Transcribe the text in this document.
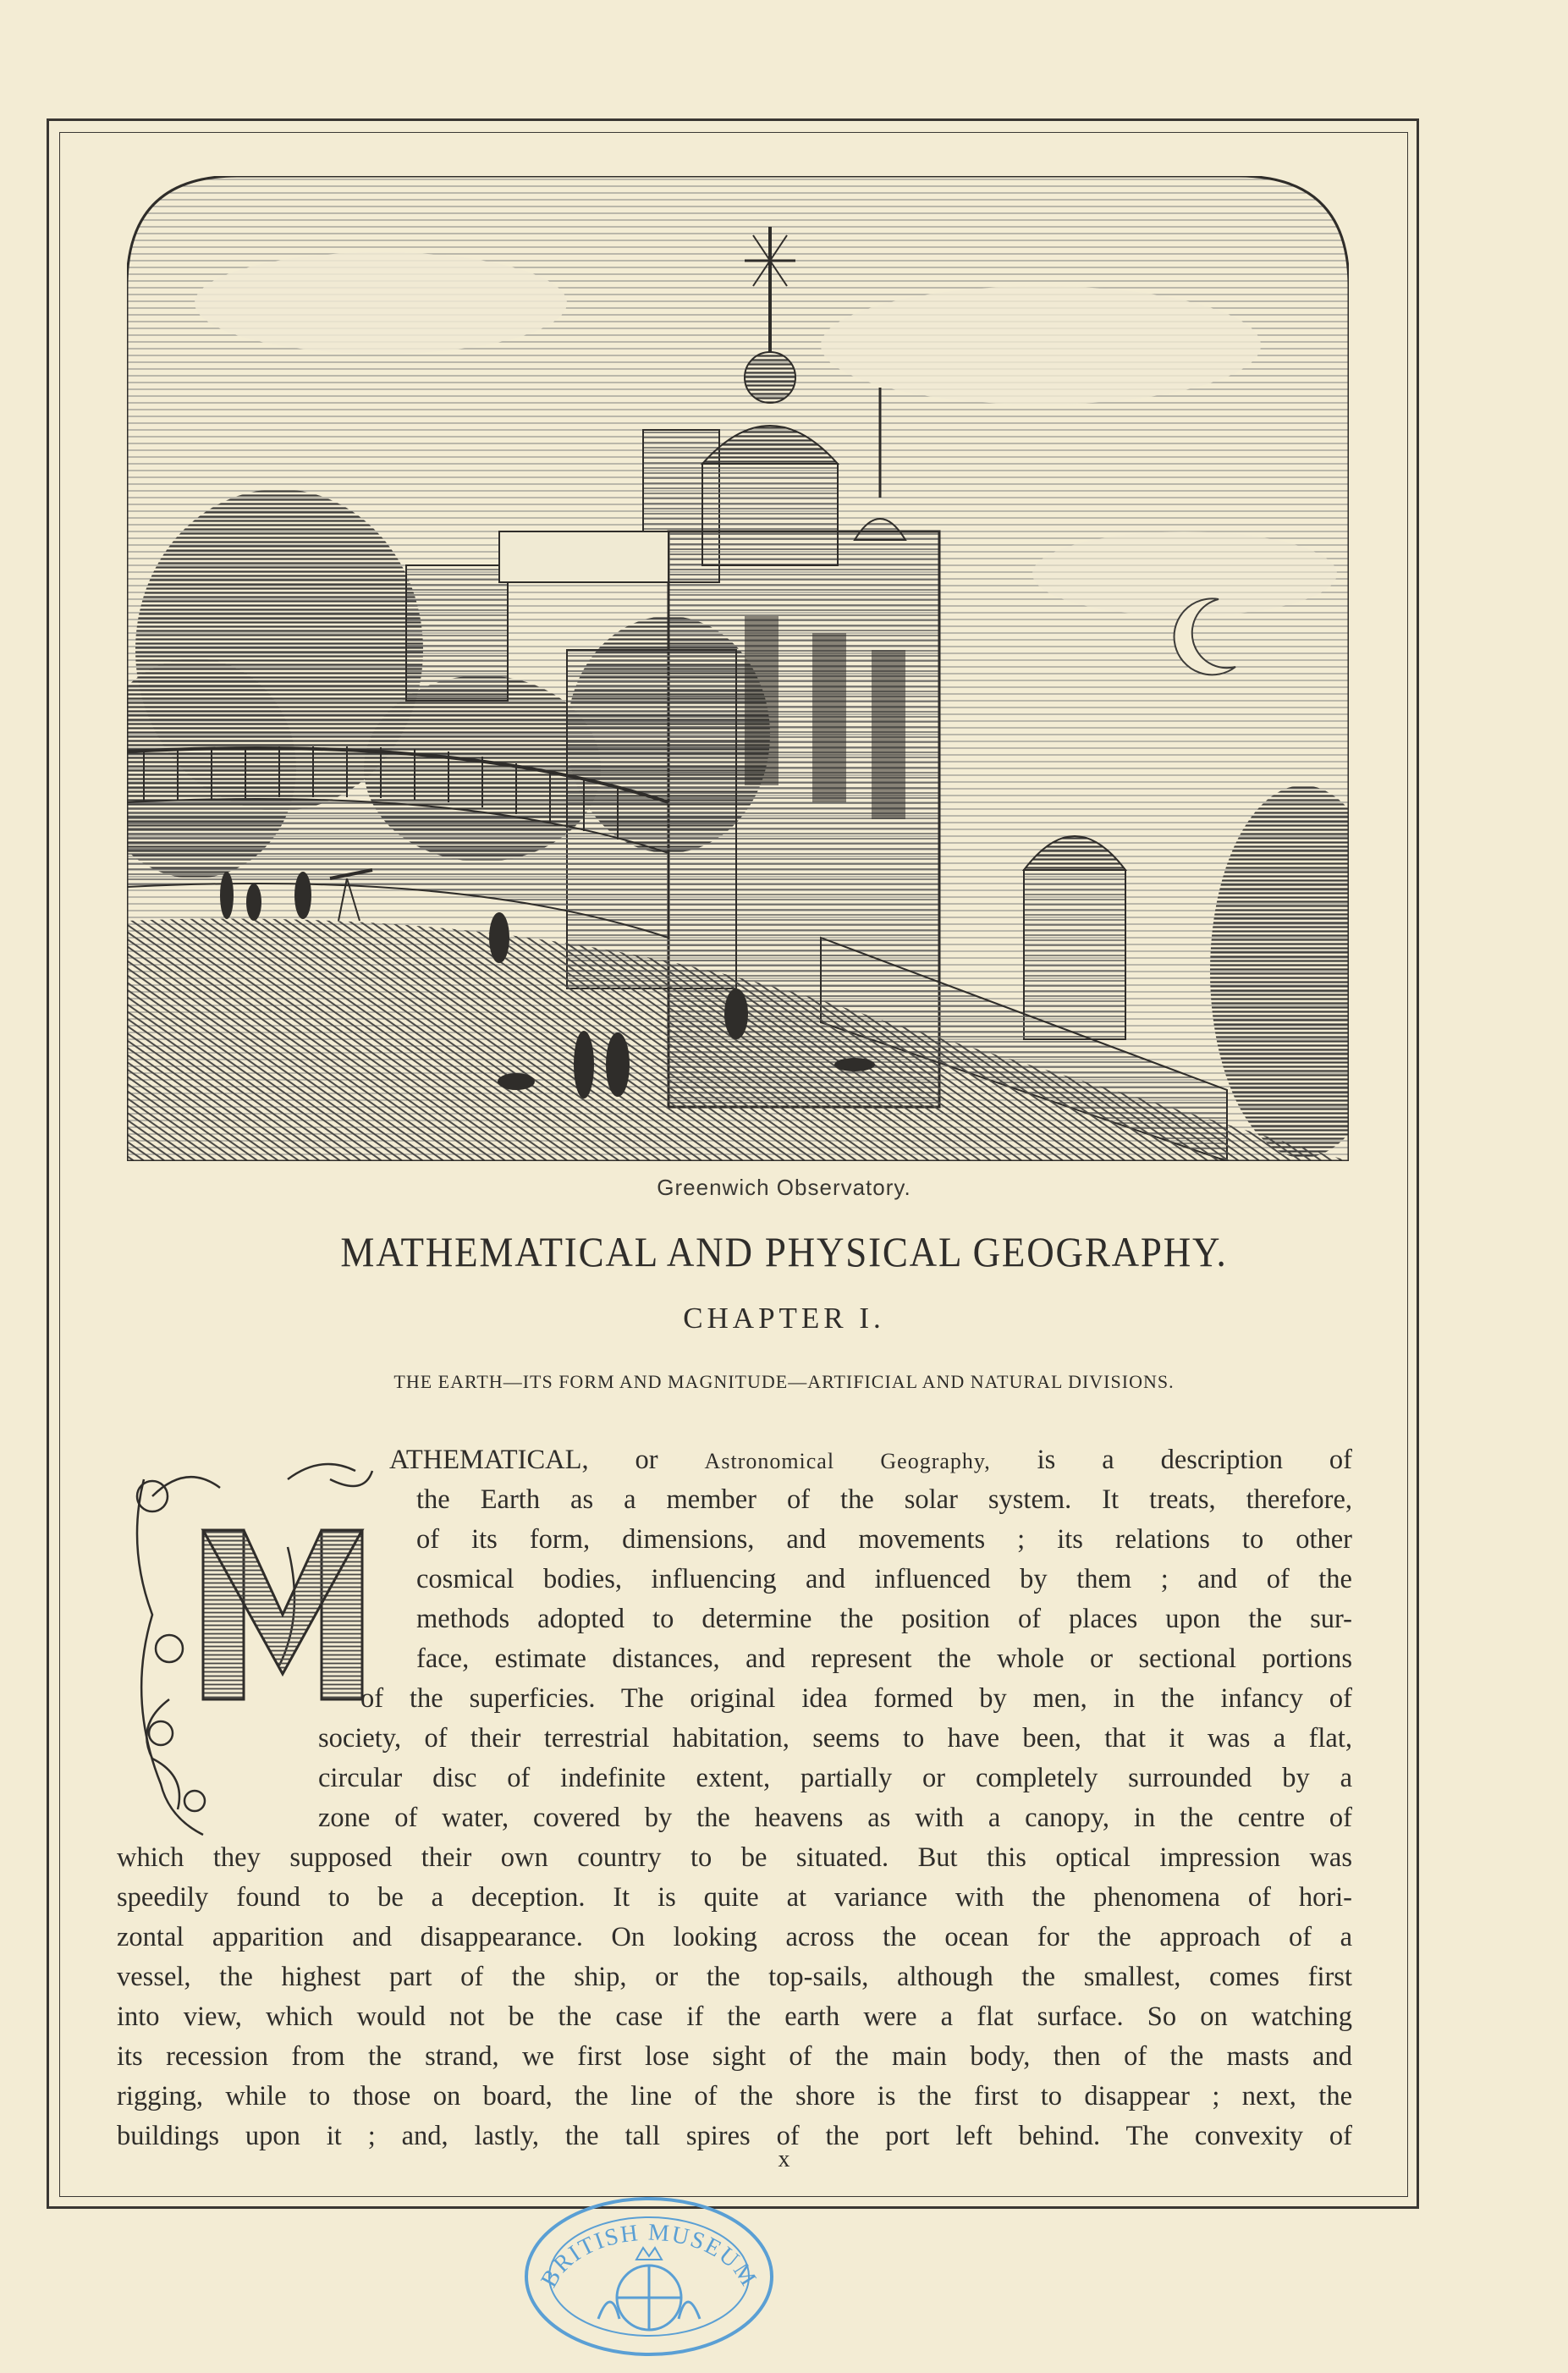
Greenwich Observatory.
MATHEMATICAL AND PHYSICAL GEOGRAPHY.
CHAPTER I.
THE EARTH—ITS FORM AND MAGNITUDE—ARTIFICIAL AND NATURAL DIVISIONS.
M
ATHEMATICAL, or Astronomical Geography, is a description of
the Earth as a member of the solar system. It treats, therefore,
of its form, dimensions, and movements ; its relations to other
cosmical bodies, influencing and influenced by them ; and of the
methods adopted to determine the position of places upon the sur-
face, estimate distances, and represent the whole or sectional portions
of the superficies. The original idea formed by men, in the infancy of
society, of their terrestrial habitation, seems to have been, that it was a flat,
circular disc of indefinite extent, partially or completely surrounded by a
zone of water, covered by the heavens as with a canopy, in the centre of
which they supposed their own country to be situated. But this optical impression was
speedily found to be a deception. It is quite at variance with the phenomena of hori-
zontal apparition and disappearance. On looking across the ocean for the approach of a
vessel, the highest part of the ship, or the top-sails, although the smallest, comes first
into view, which would not be the case if the earth were a flat surface. So on watching
its recession from the strand, we first lose sight of the main body, then of the masts and
rigging, while to those on board, the line of the shore is the first to disappear ; next, the
buildings upon it ; and, lastly, the tall spires of the port left behind. The convexity of
x
BRITISH MUSEUM
